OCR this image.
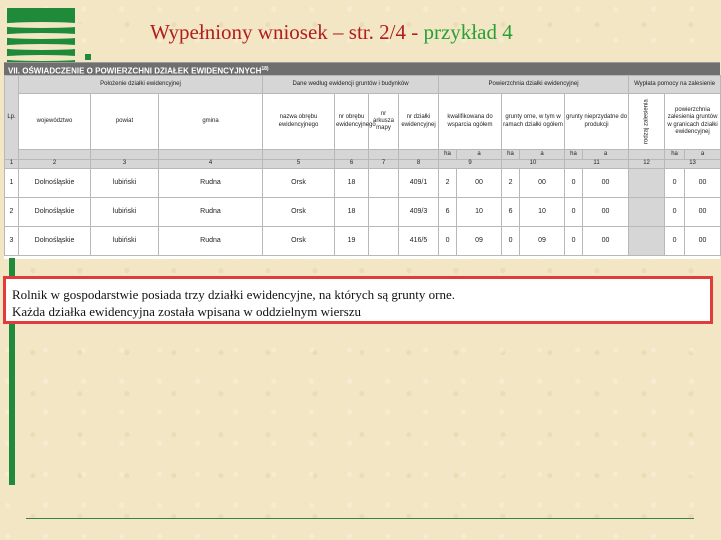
Wypełniony wniosek – str. 2/4 - przykład 4
VII. OŚWIADCZENIE O POWIERZCHNI DZIAŁEK EWIDENCYJNYCH$^{18)}$
Lp.	Położenie działki ewidencyjnej			Dane według ewidencji gruntów i budynków				Powierzchnia działki ewidencyjnej						Wypłata pomocy na zalesienie		
	województwo	powiat	gmina	nazwa obrębu ewidencyjnego	nr obrębu ewidencyjnego	nr arkusza mapy	nr działki ewidencyjnej	kwalifikowana do wsparcia ogółem		grunty orne, w tym w ramach działki ogółem		grunty nieprzydatne do produkcji		rodzaj zalesienia	powierzchnia zalesienia gruntów w granicach działki ewidencyjnej	
								ha	a	ha	a	ha	a		ha	a
1	2	3	4	5	6	7	8	9		10		11		12	13	
1	Dolnośląskie	lubiński	Rudna	Orsk	18		409/1	2	00	2	00	0	00		0	00
2	Dolnośląskie	lubiński	Rudna	Orsk	18		409/3	6	10	6	10	0	00		0	00
3	Dolnośląskie	lubiński	Rudna	Orsk	19		416/5	0	09	0	09	0	00		0	00

Rolnik w gospodarstwie posiada trzy działki ewidencyjne, na których są grunty orne.

Każda działka ewidencyjna została wpisana w oddzielnym wierszu
